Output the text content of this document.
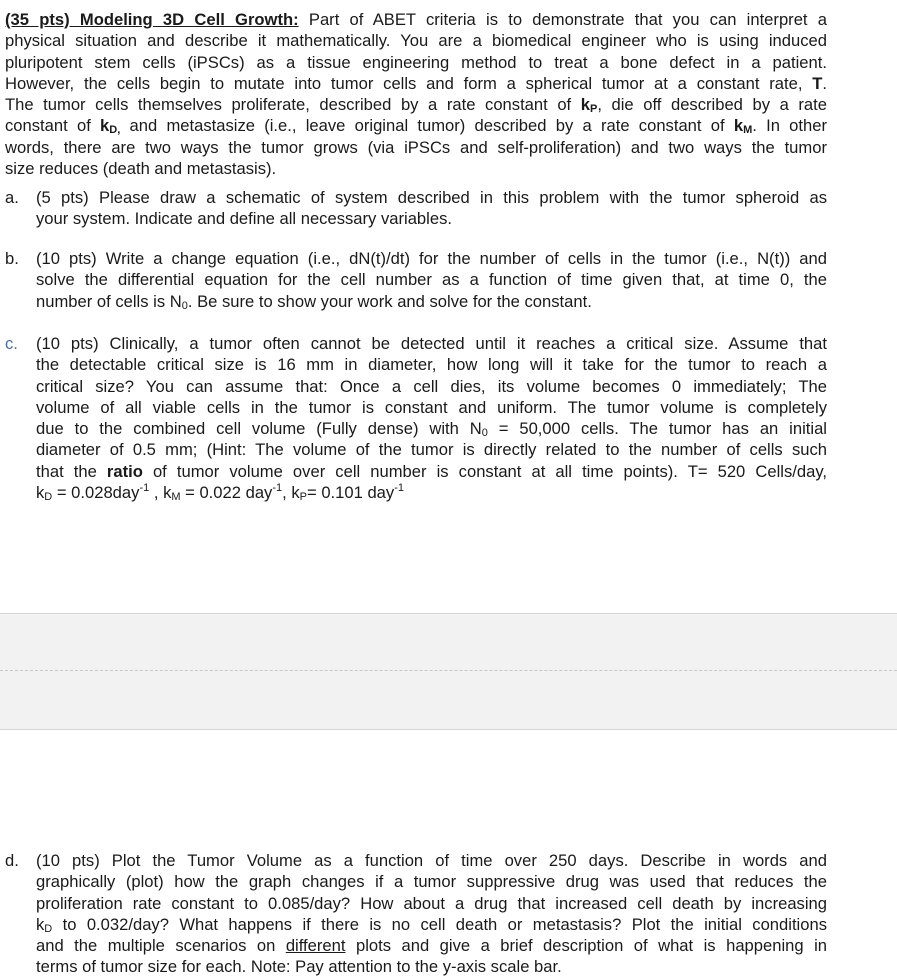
(35 pts) Modeling 3D Cell Growth: Part of ABET criteria is to demonstrate that you can interpret a
physical situation and describe it mathematically. You are a biomedical engineer who is using induced
pluripotent stem cells (iPSCs) as a tissue engineering method to treat a bone defect in a patient.
However, the cells begin to mutate into tumor cells and form a spherical tumor at a constant rate, T.
The tumor cells themselves proliferate, described by a rate constant of $k_P$, die off described by a rate
constant of $k_{D,}$ and metastasize (i.e., leave original tumor) described by a rate constant of $k_M$. In other
words, there are two ways the tumor grows (via iPSCs and self-proliferation) and two ways the tumor
size reduces (death and metastasis).
a.	(5 pts) Please draw a schematic of system described in this problem with the tumor spheroid as
your system. Indicate and define all necessary variables.
b.	(10 pts) Write a change equation (i.e., dN(t)/dt) for the number of cells in the tumor (i.e., N(t)) and
solve the differential equation for the cell number as a function of time given that, at time 0, the
number of cells is $N_0$. Be sure to show your work and solve for the constant.
c.	(10 pts) Clinically, a tumor often cannot be detected until it reaches a critical size. Assume that
the detectable critical size is 16 mm in diameter, how long will it take for the tumor to reach a
critical size? You can assume that: Once a cell dies, its volume becomes 0 immediately; The
volume of all viable cells in the tumor is constant and uniform. The tumor volume is completely
due to the combined cell volume (Fully dense) with $N_0 = 50,000$ cells. The tumor has an initial
diameter of 0.5 mm; (Hint: The volume of the tumor is directly related to the number of cells such
that the ratio of tumor volume over cell number is constant at all time points). T= 520 Cells/day,
$k_D = 0.028day^{-1}$ , $k_M = 0.022$ day$^{-1}$, $k_P= 0.101$ day$^{-1}$
d.	(10 pts) Plot the Tumor Volume as a function of time over 250 days. Describe in words and
graphically (plot) how the graph changes if a tumor suppressive drug was used that reduces the
proliferation rate constant to 0.085/day? How about a drug that increased cell death by increasing
$k_D$ to 0.032/day? What happens if there is no cell death or metastasis? Plot the initial conditions
and the multiple scenarios on different plots and give a brief description of what is happening in
terms of tumor size for each. Note: Pay attention to the y-axis scale bar.
